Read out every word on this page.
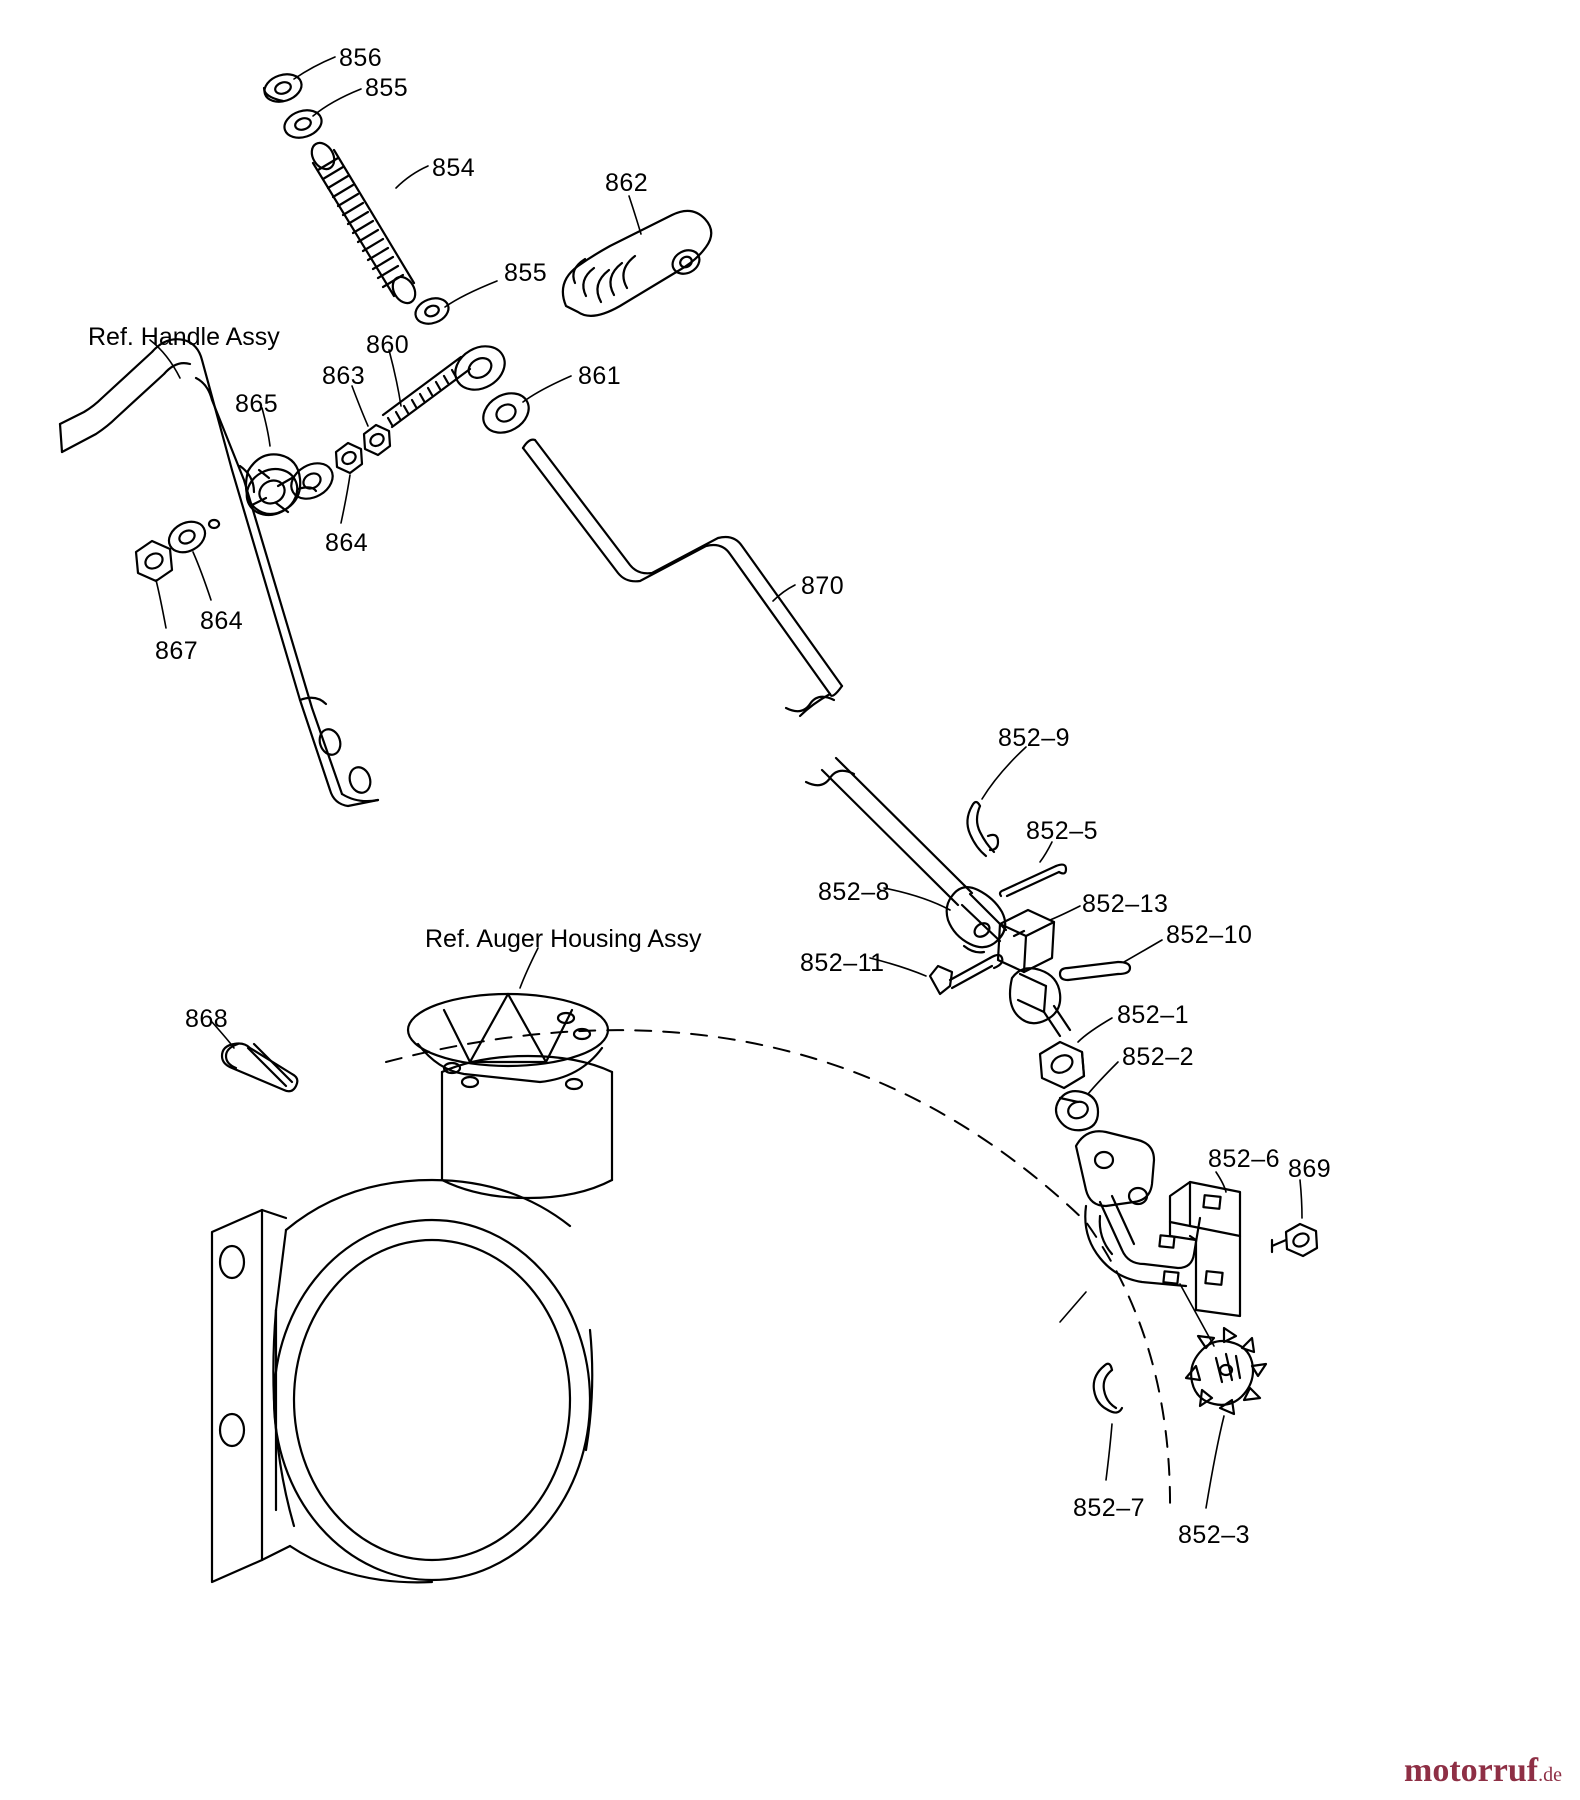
Ref. Handle Assy
Ref. Auger Housing Assy
856
855
854
862
855
860
863	861
865
864
864
867
870
852–9
852–5
852–8	852–13
852–10
852–11
852–1
852–2
868
852–6 869
852–7
852–3
motorruf.de
